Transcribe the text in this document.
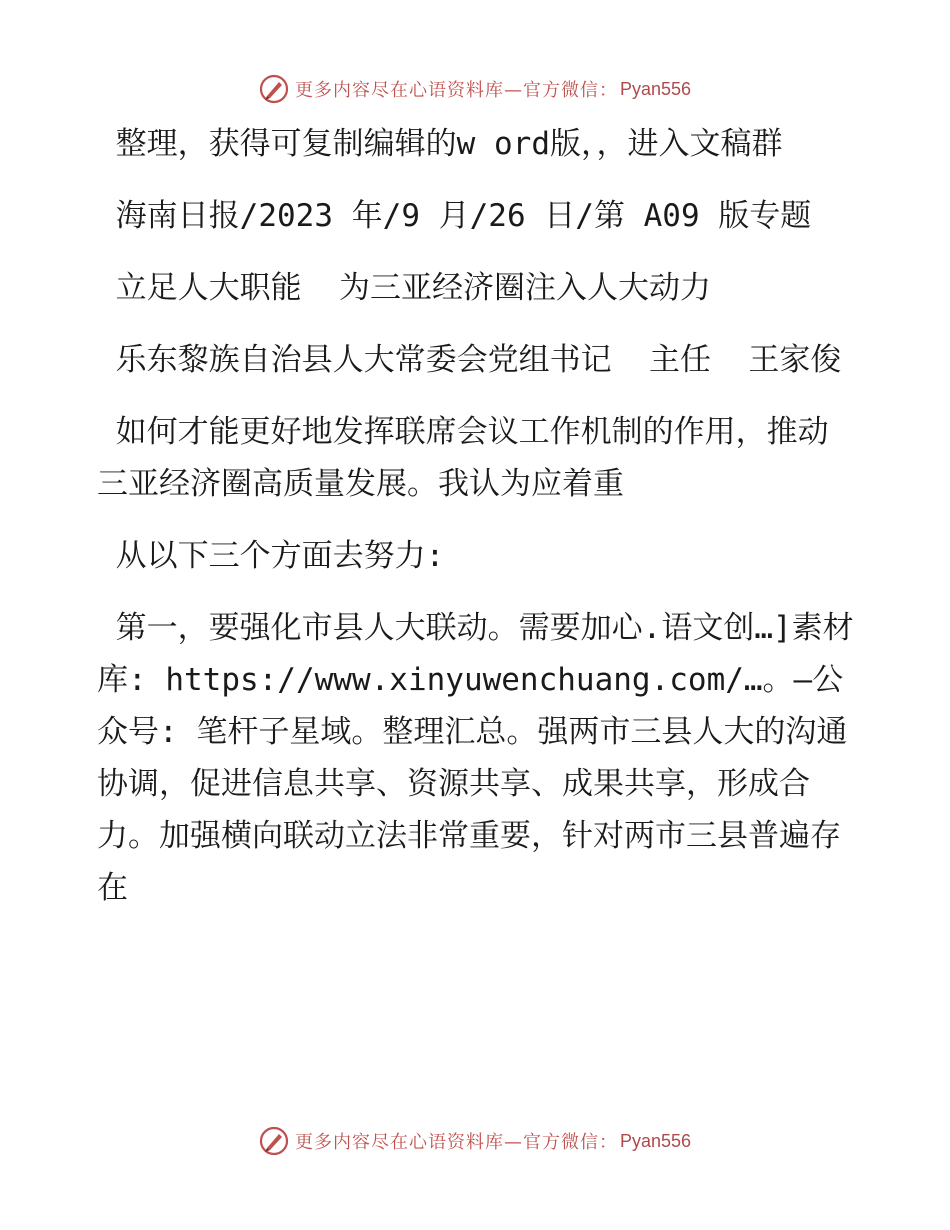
更多内容尽在心语资料库—官方微信： Pyan556

整理，获得可复制编辑的w ord版，，进入文稿群

海南日报/2023 年/9 月/26 日/第 A09 版专题

立足人大职能  为三亚经济圈注入人大动力

乐东黎族自治县人大常委会党组书记  主任  王家俊

如何才能更好地发挥联席会议工作机制的作用，推动三亚经济圈高质量发展。我认为应着重

从以下三个方面去努力:

第一，要强化市县人大联动。需要加心.语文创…]素材库: https://www.xinyuwenchuang.com/…。—公众号: 笔杆子星域。整理汇总。强两市三县人大的沟通协调，促进信息共享、资源共享、成果共享，形成合力。加强横向联动立法非常重要，针对两市三县普遍存在

更多内容尽在心语资料库—官方微信： Pyan556
